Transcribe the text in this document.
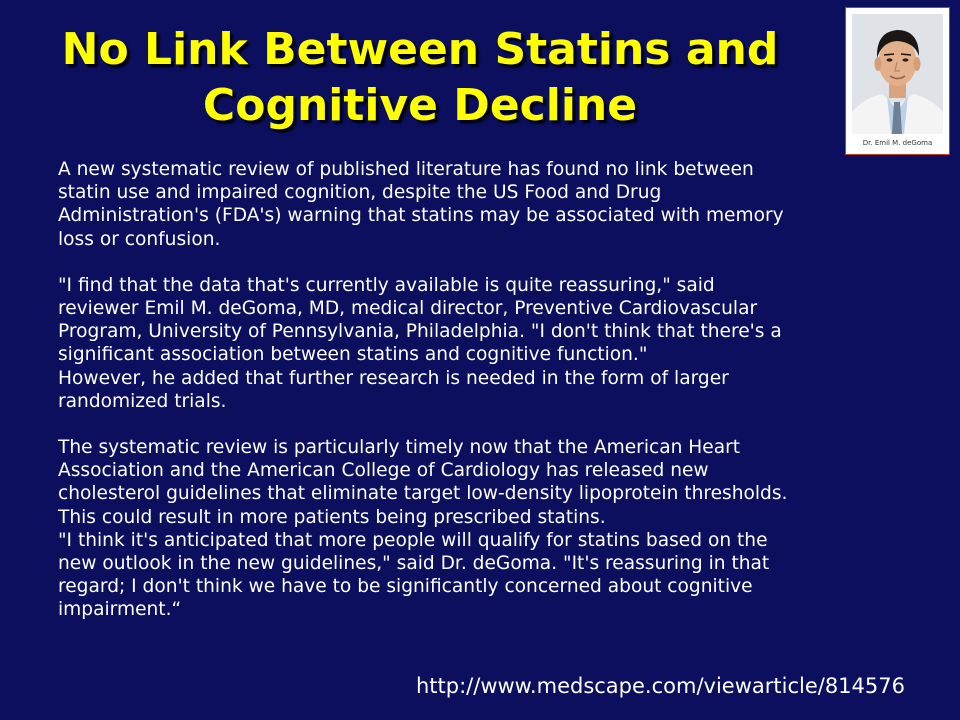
No Link Between Statins and
Cognitive Decline
Dr. Emil M. deGoma

A new systematic review of published literature has found no link between
statin use and impaired cognition, despite the US Food and Drug
Administration's (FDA's) warning that statins may be associated with memory
loss or confusion.

"I find that the data that's currently available is quite reassuring," said
reviewer Emil M. deGoma, MD, medical director, Preventive Cardiovascular
Program, University of Pennsylvania, Philadelphia. "I don't think that there's a
significant association between statins and cognitive function."
However, he added that further research is needed in the form of larger
randomized trials.

The systematic review is particularly timely now that the American Heart
Association and the American College of Cardiology has released new
cholesterol guidelines that eliminate target low-density lipoprotein thresholds.
This could result in more patients being prescribed statins.
"I think it's anticipated that more people will qualify for statins based on the
new outlook in the new guidelines," said Dr. deGoma. "It's reassuring in that
regard; I don't think we have to be significantly concerned about cognitive
impairment.“

http://www.medscape.com/viewarticle/814576
